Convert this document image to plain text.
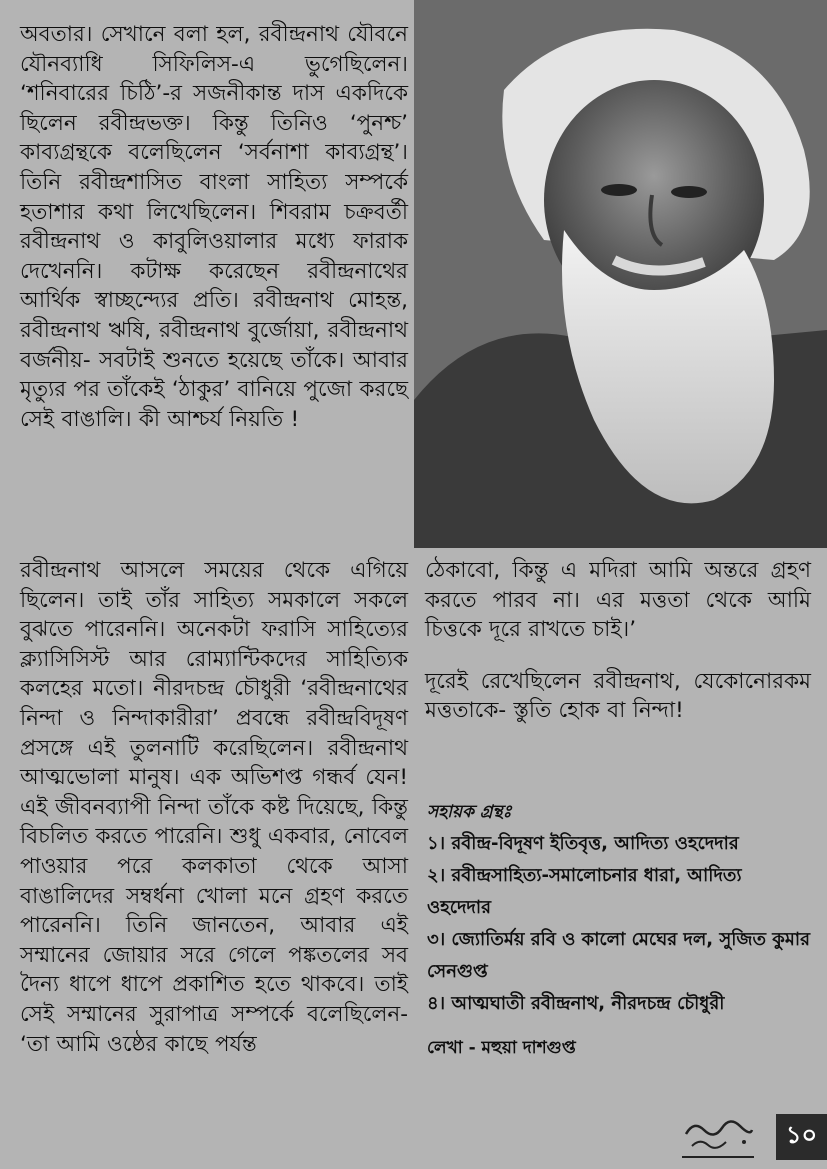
অবতার। সেখানে বলা হল, রবীন্দ্রনাথ যৌবনে যৌনব্যাধি সিফিলিস-এ ভুগেছিলেন। ‘শনিবারের চিঠি’-র সজনীকান্ত দাস একদিকে ছিলেন রবীন্দ্রভক্ত। কিন্তু তিনিও ‘পুনশ্চ’ কাব্যগ্রন্থকে বলেছিলেন ‘সর্বনাশা কাব্যগ্রন্থ’। তিনি রবীন্দ্রশাসিত বাংলা সাহিত্য সম্পর্কে হতাশার কথা লিখেছিলেন। শিবরাম চক্রবর্তী রবীন্দ্রনাথ ও কাবুলিওয়ালার মধ্যে ফারাক দেখেননি। কটাক্ষ করেছেন রবীন্দ্রনাথের আর্থিক স্বাচ্ছন্দ্যের প্রতি। রবীন্দ্রনাথ মোহন্ত, রবীন্দ্রনাথ ঋষি, রবীন্দ্রনাথ বুর্জোয়া, রবীন্দ্রনাথ বর্জনীয়- সবটাই শুনতে হয়েছে তাঁকে। আবার মৃত্যুর পর তাঁকেই ‘ঠাকুর’ বানিয়ে পুজো করছে সেই বাঙালি। কী আশ্চর্য নিয়তি !

রবীন্দ্রনাথ আসলে সময়ের থেকে এগিয়ে ছিলেন। তাই তাঁর সাহিত্য সমকালে সকলে বুঝতে পারেননি। অনেকটা ফরাসি সাহিত্যের ক্ল্যাসিসিস্ট আর রোম্যান্টিকদের সাহিত্যিক কলহের মতো। নীরদচন্দ্র চৌধুরী ‘রবীন্দ্রনাথের নিন্দা ও নিন্দাকারীরা’ প্রবন্ধে রবীন্দ্রবিদূষণ প্রসঙ্গে এই তুলনাটি করেছিলেন। রবীন্দ্রনাথ আত্মভোলা মানুষ। এক অভিশপ্ত গন্ধর্ব যেন! এই জীবনব্যাপী নিন্দা তাঁকে কষ্ট দিয়েছে, কিন্তু বিচলিত করতে পারেনি। শুধু একবার, নোবেল পাওয়ার পরে কলকাতা থেকে আসা বাঙালিদের সম্বর্ধনা খোলা মনে গ্রহণ করতে পারেননি। তিনি জানতেন, আবার এই সম্মানের জোয়ার সরে গেলে পঙ্কতলের সব দৈন্য ধাপে ধাপে প্রকাশিত হতে থাকবে। তাই সেই সম্মানের সুরাপাত্র সম্পর্কে বলেছিলেন- ‘তা আমি ওষ্ঠের কাছে পর্যন্ত

ঠেকাবো, কিন্তু এ মদিরা আমি অন্তরে গ্রহণ করতে পারব না। এর মত্ততা থেকে আমি চিত্তকে দূরে রাখতে চাই।’

দূরেই রেখেছিলেন রবীন্দ্রনাথ, যেকোনোরকম মত্ততাকে- স্তুতি হোক বা নিন্দা!

সহায়ক গ্রন্থঃ
১। রবীন্দ্র-বিদূষণ ইতিবৃত্ত, আদিত্য ওহদেদার
২। রবীন্দ্রসাহিত্য-সমালোচনার ধারা, আদিত্য ওহদেদার
৩। জ্যোতির্ময় রবি ও কালো মেঘের দল, সুজিত কুমার সেনগুপ্ত
৪। আত্মঘাতী রবীন্দ্রনাথ, নীরদচন্দ্র চৌধুরী
লেখা - মহুয়া দাশগুপ্ত
১০
